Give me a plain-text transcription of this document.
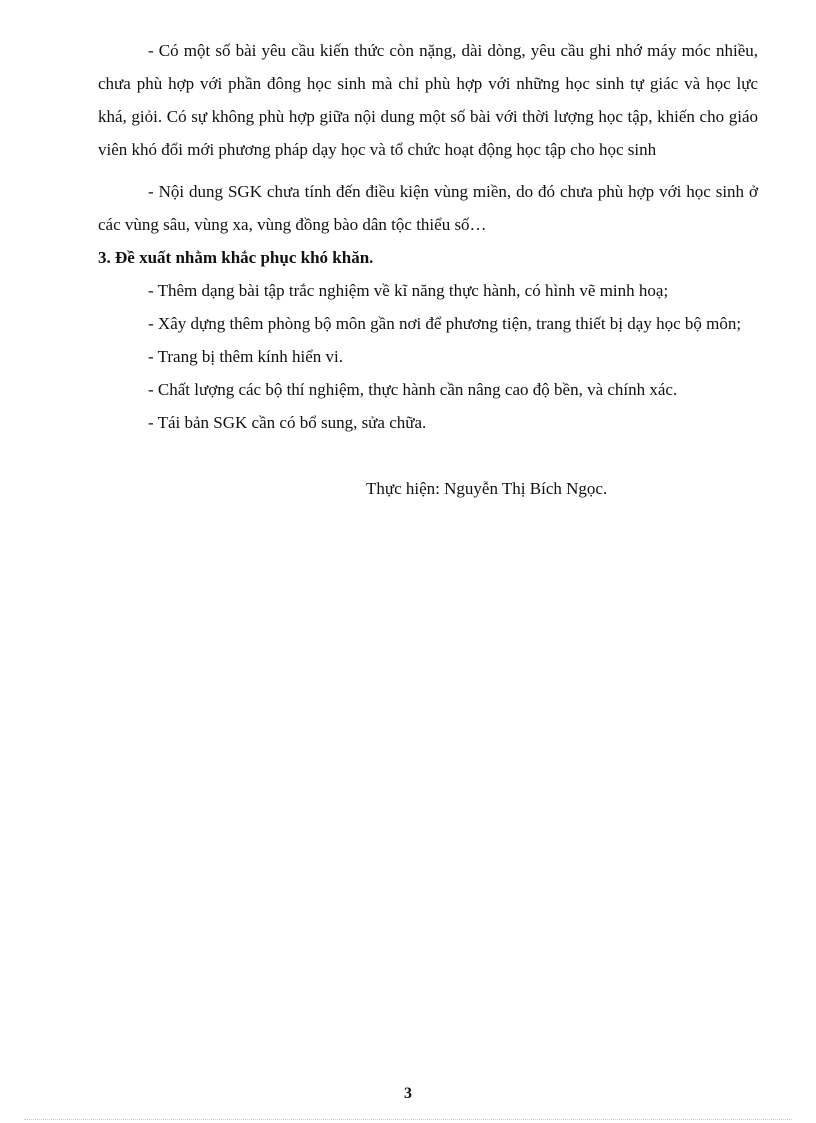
- Có một số bài yêu cầu kiến thức còn nặng, dài dòng, yêu cầu ghi nhớ máy móc nhiều, chưa phù hợp với phần đông học sinh mà chỉ phù hợp với những học sinh tự giác và học lực khá, giỏi. Có sự không phù hợp giữa nội dung một số bài với thời lượng học tập, khiến cho giáo viên khó đổi mới phương pháp dạy học và tổ chức hoạt động học tập cho học sinh

- Nội dung SGK chưa tính đến điều kiện vùng miền, do đó chưa phù hợp với học sinh ở các vùng sâu, vùng xa, vùng đồng bào dân tộc thiểu số…

3. Đề xuất nhằm khắc phục khó khăn.

- Thêm dạng bài tập trắc nghiệm về kĩ năng thực hành, có hình vẽ minh hoạ;

- Xây dựng thêm phòng bộ môn gần nơi để phương tiện, trang thiết bị dạy học bộ môn;

- Trang bị thêm kính hiển vi.

- Chất lượng các bộ thí nghiệm, thực hành cần nâng cao độ bền, và chính xác.

- Tái bản SGK cần có bổ sung, sửa chữa.

Thực hiện: Nguyễn Thị Bích Ngọc.

3
